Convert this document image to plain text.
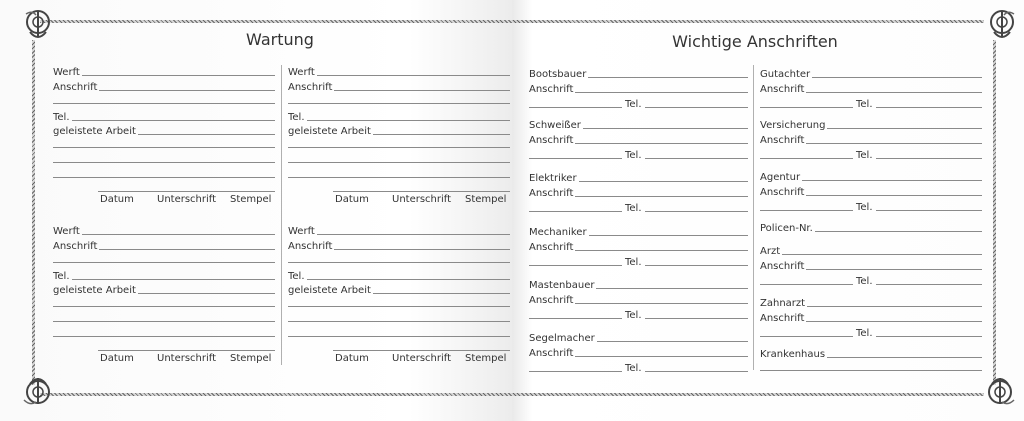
Wartung	Wichtige Anschriften
Werft
Anschrift
Tel.
geleistete Arbeit
Datum Unterschrift Stempel
Werft
Anschrift
Tel.
geleistete Arbeit
Datum Unterschrift Stempel
Werft
Anschrift
Tel.
geleistete Arbeit
Datum Unterschrift Stempel
Werft
Anschrift
Tel.
geleistete Arbeit
Datum Unterschrift Stempel
Bootsbauer
Anschrift
Tel.
Schweißer
Anschrift
Tel.
Elektriker
Anschrift
Tel.
Mechaniker
Anschrift
Tel.
Mastenbauer
Anschrift
Tel.
Segelmacher
Anschrift
Tel.
Gutachter
Anschrift
Tel.
Versicherung
Anschrift
Tel.
Agentur
Anschrift
Tel.
Policen-Nr.
Arzt
Anschrift
Tel.
Zahnarzt
Anschrift
Tel.
Krankenhaus
